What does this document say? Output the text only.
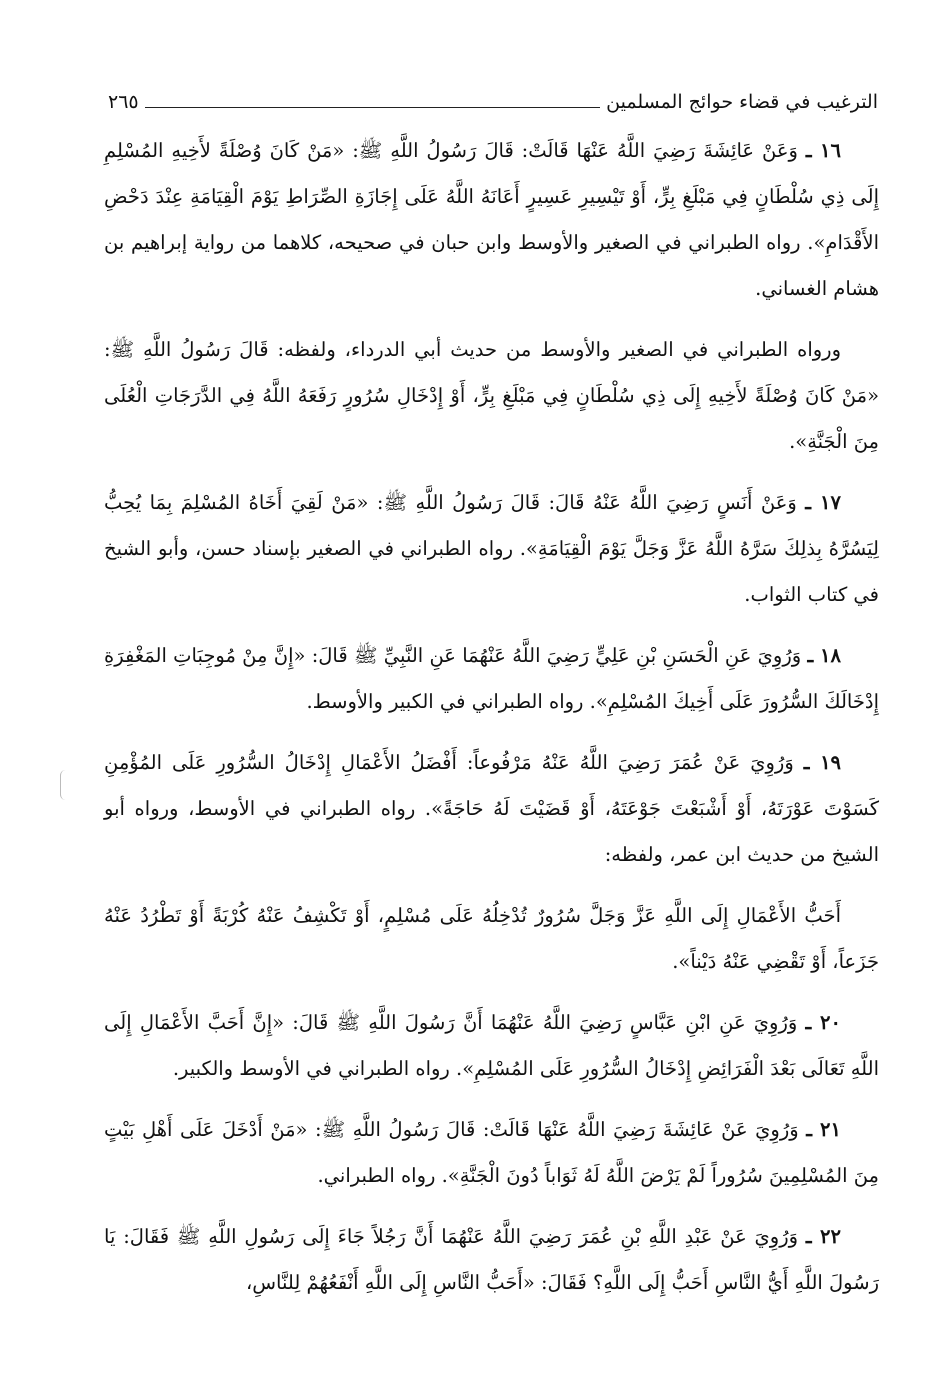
الترغيب في قضاء حوائج المسلمين
٢٦٥

١٦ ـ وَعَنْ عَائِشَةَ رَضِيَ اللَّهُ عَنْهَا قَالَتْ: قَالَ رَسُولُ اللَّهِ ﷺ: «مَنْ كَانَ وُصْلَةً لأَخِيهِ المُسْلِمِ إِلَى ذِي سُلْطَانٍ فِي مَبْلَغِ بِرٍّ، أَوْ تَيْسِيرِ عَسِيرٍ أَعَانَهُ اللَّهُ عَلَى إِجَازَةِ الصِّرَاطِ يَوْمَ الْقِيَامَةِ عِنْدَ دَحْضِ الأَقْدَامِ». رواه الطبراني في الصغير والأوسط وابن حبان في صحيحه، كلاهما من رواية إبراهيم بن هشام الغساني.

ورواه الطبراني في الصغير والأوسط من حديث أبي الدرداء، ولفظه: قَالَ رَسُولُ اللَّهِ ﷺ: «مَنْ كَانَ وُصْلَةً لأَخِيهِ إِلَى ذِي سُلْطَانٍ فِي مَبْلَغِ بِرٍّ، أَوْ إِدْخَالِ سُرُورٍ رَفَعَهُ اللَّهُ فِي الدَّرَجَاتِ الْعُلَى مِنَ الْجَنَّةِ».

١٧ ـ وَعَنْ أَنَسٍ رَضِيَ اللَّهُ عَنْهُ قَالَ: قَالَ رَسُولُ اللَّهِ ﷺ: «مَنْ لَقِيَ أَخَاهُ المُسْلِمَ بِمَا يُحِبُّ لِيَسُرَّهُ بِذلِكَ سَرَّهُ اللَّهُ عَزَّ وَجَلَّ يَوْمَ الْقِيَامَةِ». رواه الطبراني في الصغير بإسناد حسن، وأبو الشيخ في كتاب الثواب.

١٨ ـ وَرُوِيَ عَنِ الْحَسَنِ بْنِ عَلِيٍّ رَضِيَ اللَّهُ عَنْهُمَا عَنِ النَّبِيِّ ﷺ قَالَ: «إِنَّ مِنْ مُوجِبَاتِ المَغْفِرَةِ إِدْخَالَكَ السُّرُورَ عَلَى أَخِيكَ المُسْلِمِ». رواه الطبراني في الكبير والأوسط.

١٩ ـ وَرُوِيَ عَنْ عُمَرَ رَضِيَ اللَّهُ عَنْهُ مَرْفُوعاً: أَفْضَلُ الأَعْمَالِ إِدْخَالُ السُّرُورِ عَلَى المُؤْمِنِ كَسَوْتَ عَوْرَتَهُ، أَوْ أَشْبَعْتَ جَوْعَتَهُ، أَوْ قَضَيْتَ لَهُ حَاجَةً». رواه الطبراني في الأوسط، ورواه أبو الشيخ من حديث ابن عمر، ولفظه:

أَحَبُّ الأَعْمَالِ إِلَى اللَّهِ عَزَّ وَجَلَّ سُرُورٌ تُدْخِلُهُ عَلَى مُسْلِمٍ، أَوْ تَكْشِفُ عَنْهُ كُرْبَةً أَوْ تَطْرُدُ عَنْهُ جَزَعاً، أَوْ تَقْضِي عَنْهُ دَيْناً».

٢٠ ـ وَرُوِيَ عَنِ ابْنِ عَبَّاسٍ رَضِيَ اللَّهُ عَنْهُمَا أَنَّ رَسُولَ اللَّهِ ﷺ قَالَ: «إِنَّ أَحَبَّ الأَعْمَالِ إِلَى اللَّهِ تَعَالَى بَعْدَ الْفَرَائِضِ إِدْخَالُ السُّرُورِ عَلَى المُسْلِمِ». رواه الطبراني في الأوسط والكبير.

٢١ ـ وَرُوِيَ عَنْ عَائِشَةَ رَضِيَ اللَّهُ عَنْهَا قَالَتْ: قَالَ رَسُولُ اللَّهِ ﷺ: «مَنْ أَدْخَلَ عَلَى أَهْلِ بَيْتٍ مِنَ المُسْلِمِينَ سُرُوراً لَمْ يَرْضَ اللَّهُ لَهُ ثَوَاباً دُونَ الْجَنَّةِ». رواه الطبراني.

٢٢ ـ وَرُوِيَ عَنْ عَبْدِ اللَّهِ بْنِ عُمَرَ رَضِيَ اللَّهُ عَنْهُمَا أَنَّ رَجُلاً جَاءَ إِلَى رَسُولِ اللَّهِ ﷺ فَقَالَ: يَا رَسُولَ اللَّهِ أَيُّ النَّاسِ أَحَبُّ إِلَى اللَّهِ؟ فَقَالَ: «أَحَبُّ النَّاسِ إِلَى اللَّهِ أَنْفَعُهُمْ لِلنَّاسِ،
